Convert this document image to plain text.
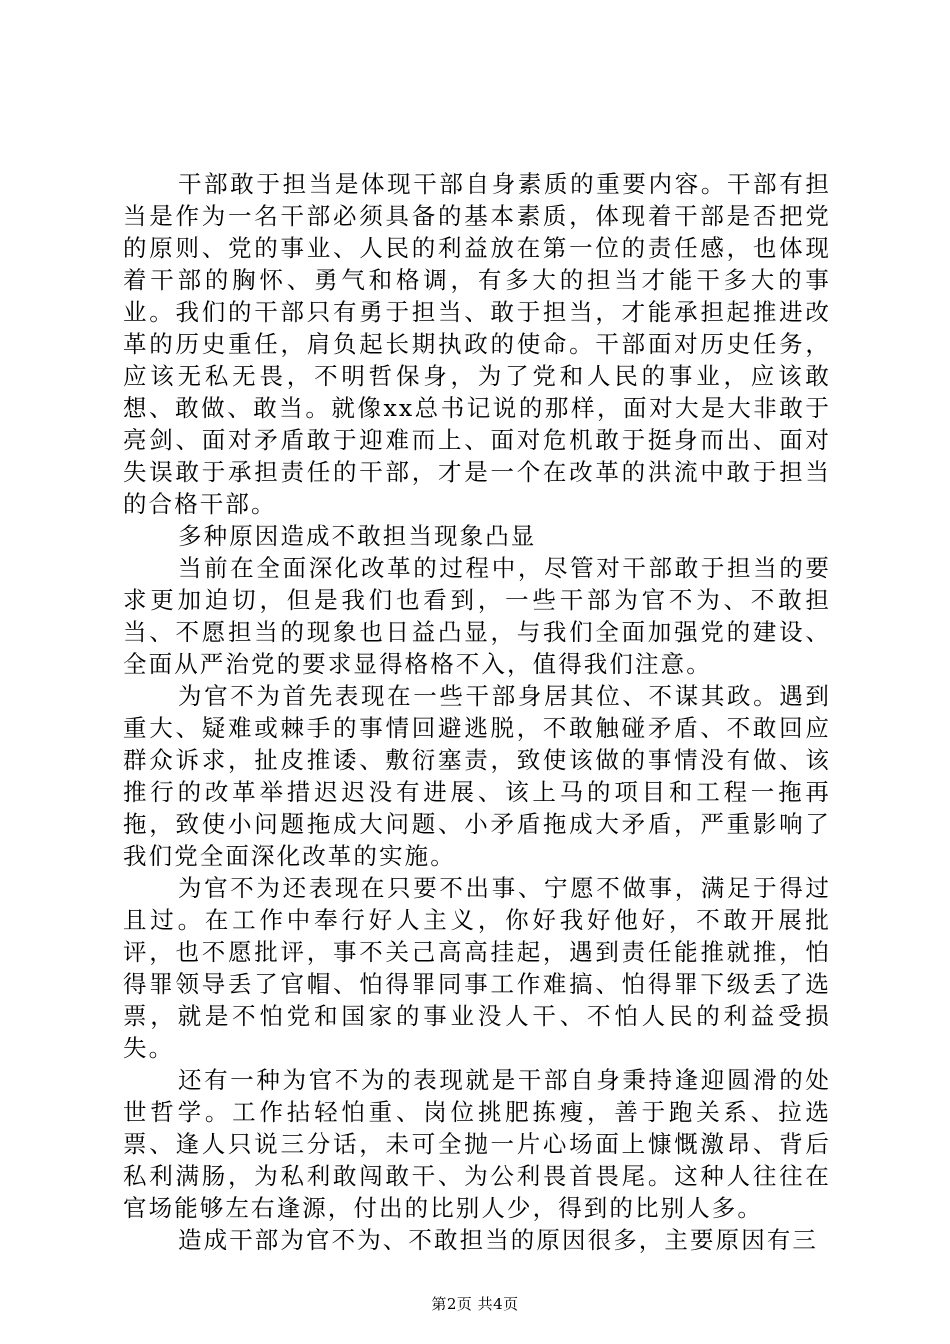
干部敢于担当是体现干部自身素质的重要内容。干部有担当是作为一名干部必须具备的基本素质，体现着干部是否把党的原则、党的事业、人民的利益放在第一位的责任感，也体现着干部的胸怀、勇气和格调，有多大的担当才能干多大的事业。我们的干部只有勇于担当、敢于担当，才能承担起推进改革的历史重任，肩负起长期执政的使命。干部面对历史任务，应该无私无畏，不明哲保身，为了党和人民的事业，应该敢想、敢做、敢当。就像xx总书记说的那样，面对大是大非敢于亮剑、面对矛盾敢于迎难而上、面对危机敢于挺身而出、面对失误敢于承担责任的干部，才是一个在改革的洪流中敢于担当的合格干部。

多种原因造成不敢担当现象凸显

当前在全面深化改革的过程中，尽管对干部敢于担当的要求更加迫切，但是我们也看到，一些干部为官不为、不敢担当、不愿担当的现象也日益凸显，与我们全面加强党的建设、全面从严治党的要求显得格格不入，值得我们注意。

为官不为首先表现在一些干部身居其位、不谋其政。遇到重大、疑难或棘手的事情回避逃脱，不敢触碰矛盾、不敢回应群众诉求，扯皮推诿、敷衍塞责，致使该做的事情没有做、该推行的改革举措迟迟没有进展、该上马的项目和工程一拖再拖，致使小问题拖成大问题、小矛盾拖成大矛盾，严重影响了我们党全面深化改革的实施。

为官不为还表现在只要不出事、宁愿不做事，满足于得过且过。在工作中奉行好人主义，你好我好他好，不敢开展批评，也不愿批评，事不关己高高挂起，遇到责任能推就推，怕得罪领导丢了官帽、怕得罪同事工作难搞、怕得罪下级丢了选票，就是不怕党和国家的事业没人干、不怕人民的利益受损失。

还有一种为官不为的表现就是干部自身秉持逢迎圆滑的处世哲学。工作拈轻怕重、岗位挑肥拣瘦，善于跑关系、拉选票、逢人只说三分话，未可全抛一片心场面上慷慨激昂、背后私利满肠，为私利敢闯敢干、为公利畏首畏尾。这种人往往在官场能够左右逢源，付出的比别人少，得到的比别人多。

造成干部为官不为、不敢担当的原因很多，主要原因有三

第2页 共4页
